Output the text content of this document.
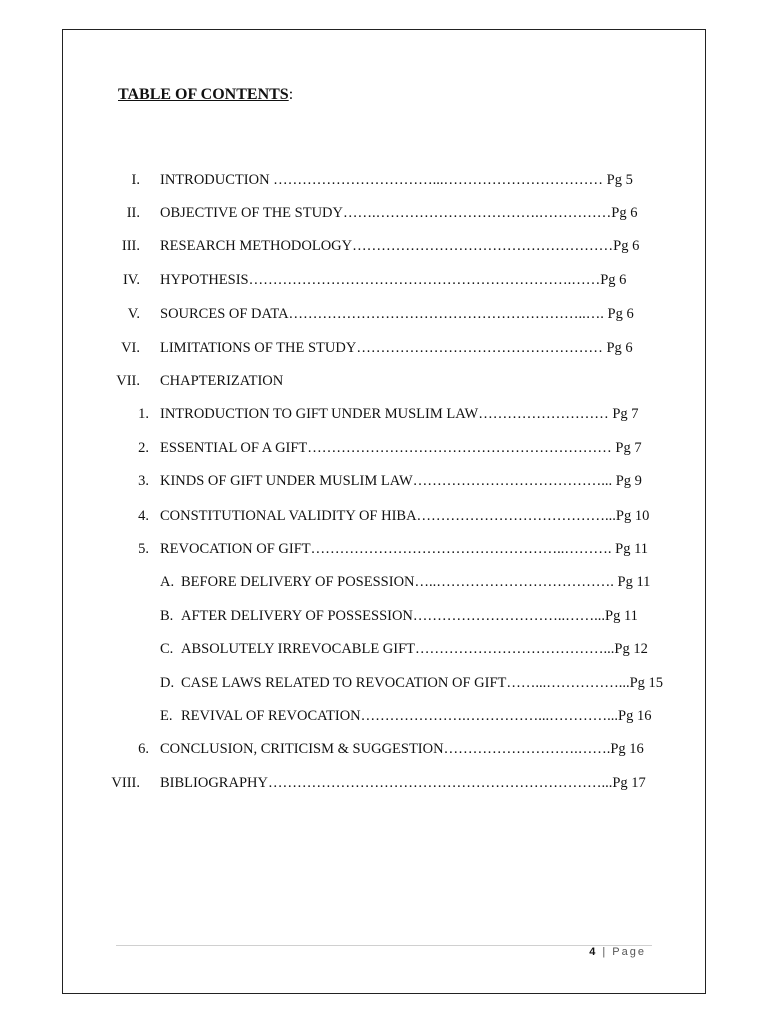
TABLE OF CONTENTS:
I. INTRODUCTION ……………………………...…………………………… Pg 5
II. OBJECTIVE OF THE STUDY…….…………………………….……………Pg 6
III. RESEARCH METHODOLOGY………………………………………………Pg 6
IV. HYPOTHESIS………………………………………………………….……Pg 6
V. SOURCES OF DATA……………………………………………………..…. Pg 6
VI. LIMITATIONS OF THE STUDY…………………………………………… Pg 6
VII. CHAPTERIZATION
1. INTRODUCTION TO GIFT UNDER MUSLIM LAW……………………… Pg 7
2. ESSENTIAL OF A GIFT……………………………………………………… Pg 7
3. KINDS OF GIFT UNDER MUSLIM LAW…………………………………... Pg 9
4. CONSTITUTIONAL VALIDITY OF HIBA…………………………………...Pg 10
5. REVOCATION OF GIFT……………………………………………..………. Pg 11
A. BEFORE DELIVERY OF POSESSION…..………………………………. Pg 11
B. AFTER DELIVERY OF POSSESSION…………………………..……...Pg 11
C. ABSOLUTELY IRREVOCABLE GIFT…………………………………...Pg 12
D. CASE LAWS RELATED TO REVOCATION OF GIFT……...……………...Pg 15
E. REVIVAL OF REVOCATION………………….……………...…………...Pg 16
6. CONCLUSION, CRITICISM & SUGGESTION……………………….…….Pg 16
VIII. BIBLIOGRAPHY……………………………………………………………...Pg 17
4 | Page
